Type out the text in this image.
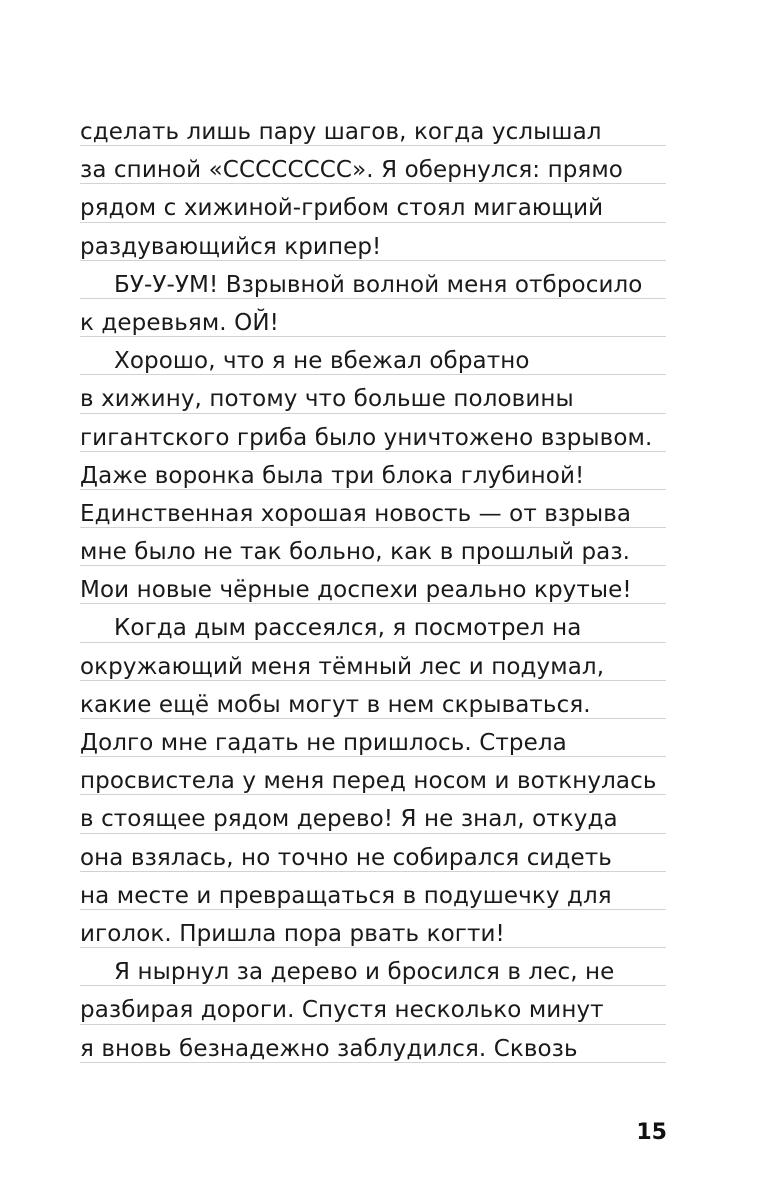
сделать лишь пару шагов, когда услышал
за спиной «СССССССС». Я обернулся: прямо
рядом с хижиной-грибом стоял мигающий
раздувающийся крипер!
БУ-У-УМ! Взрывной волной меня отбросило
к деревьям. ОЙ!
Хорошо, что я не вбежал обратно
в хижину, потому что больше половины
гигантского гриба было уничтожено взрывом.
Даже воронка была три блока глубиной!
Единственная хорошая новость — от взрыва
мне было не так больно, как в прошлый раз.
Мои новые чёрные доспехи реально крутые!
Когда дым рассеялся, я посмотрел на
окружающий меня тёмный лес и подумал,
какие ещё мобы могут в нем скрываться.
Долго мне гадать не пришлось. Стрела
просвистела у меня перед носом и воткнулась
в стоящее рядом дерево! Я не знал, откуда
она взялась, но точно не собирался сидеть
на месте и превращаться в подушечку для
иголок. Пришла пора рвать когти!
Я нырнул за дерево и бросился в лес, не
разбирая дороги. Спустя несколько минут
я вновь безнадежно заблудился. Сквозь
15
